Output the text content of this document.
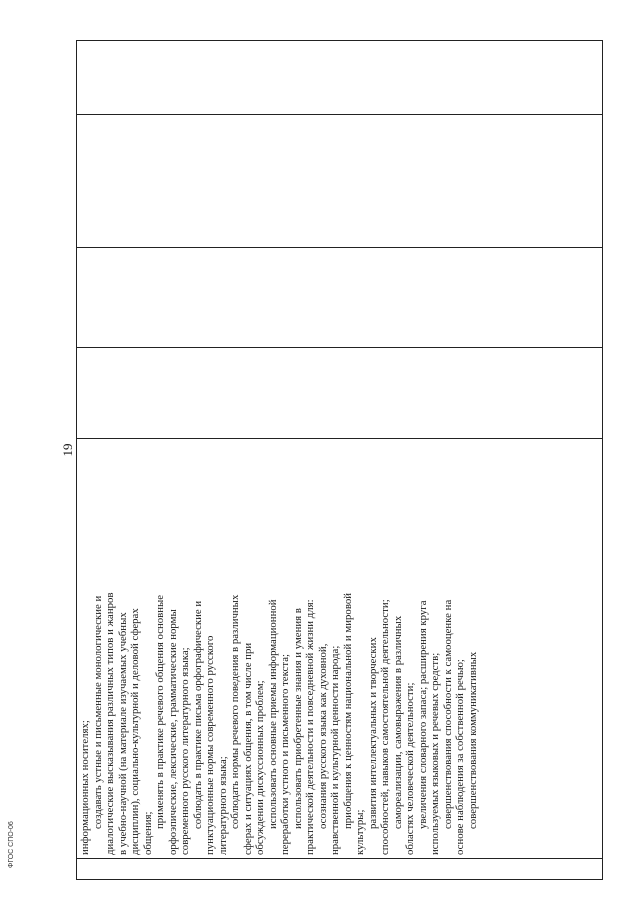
19
информационных носителях; создавать устные и письменные монологические и диалогические высказывания различных типов и жанров в учебно-научной (на материале изучаемых учебных дисциплин), социально-культурной и деловой сферах общения;
применять в практике речевого общения основные орфоэпические, лексические, грамматические нормы современного русского литературного языка; соблюдать в практике письма орфографические и пунктуационные нормы современного русского литературного языка; соблюдать нормы речевого поведения в различных сферах и ситуациях общения, в том числе при обсуждении дискуссионных проблем; использовать основные приемы информационной переработки устного и письменного текста; использовать приобретенные знания и умения в практической деятельности и повседневной жизни для: осознания русского языка как духовной, нравственной и культурной ценности народа; приобщения к ценностям национальной и мировой
культуры;
развития интеллектуальных и творческих способностей, навыков самостоятельной деятельности; самореализации, самовыражения в различных областях человеческой деятельности; увеличения словарного запаса; расширения круга используемых языковых и речевых средств; совершенствования способности к самооценке на основе наблюдения за собственной речью; совершенствования коммуникативных
ФГОС СПО-06
